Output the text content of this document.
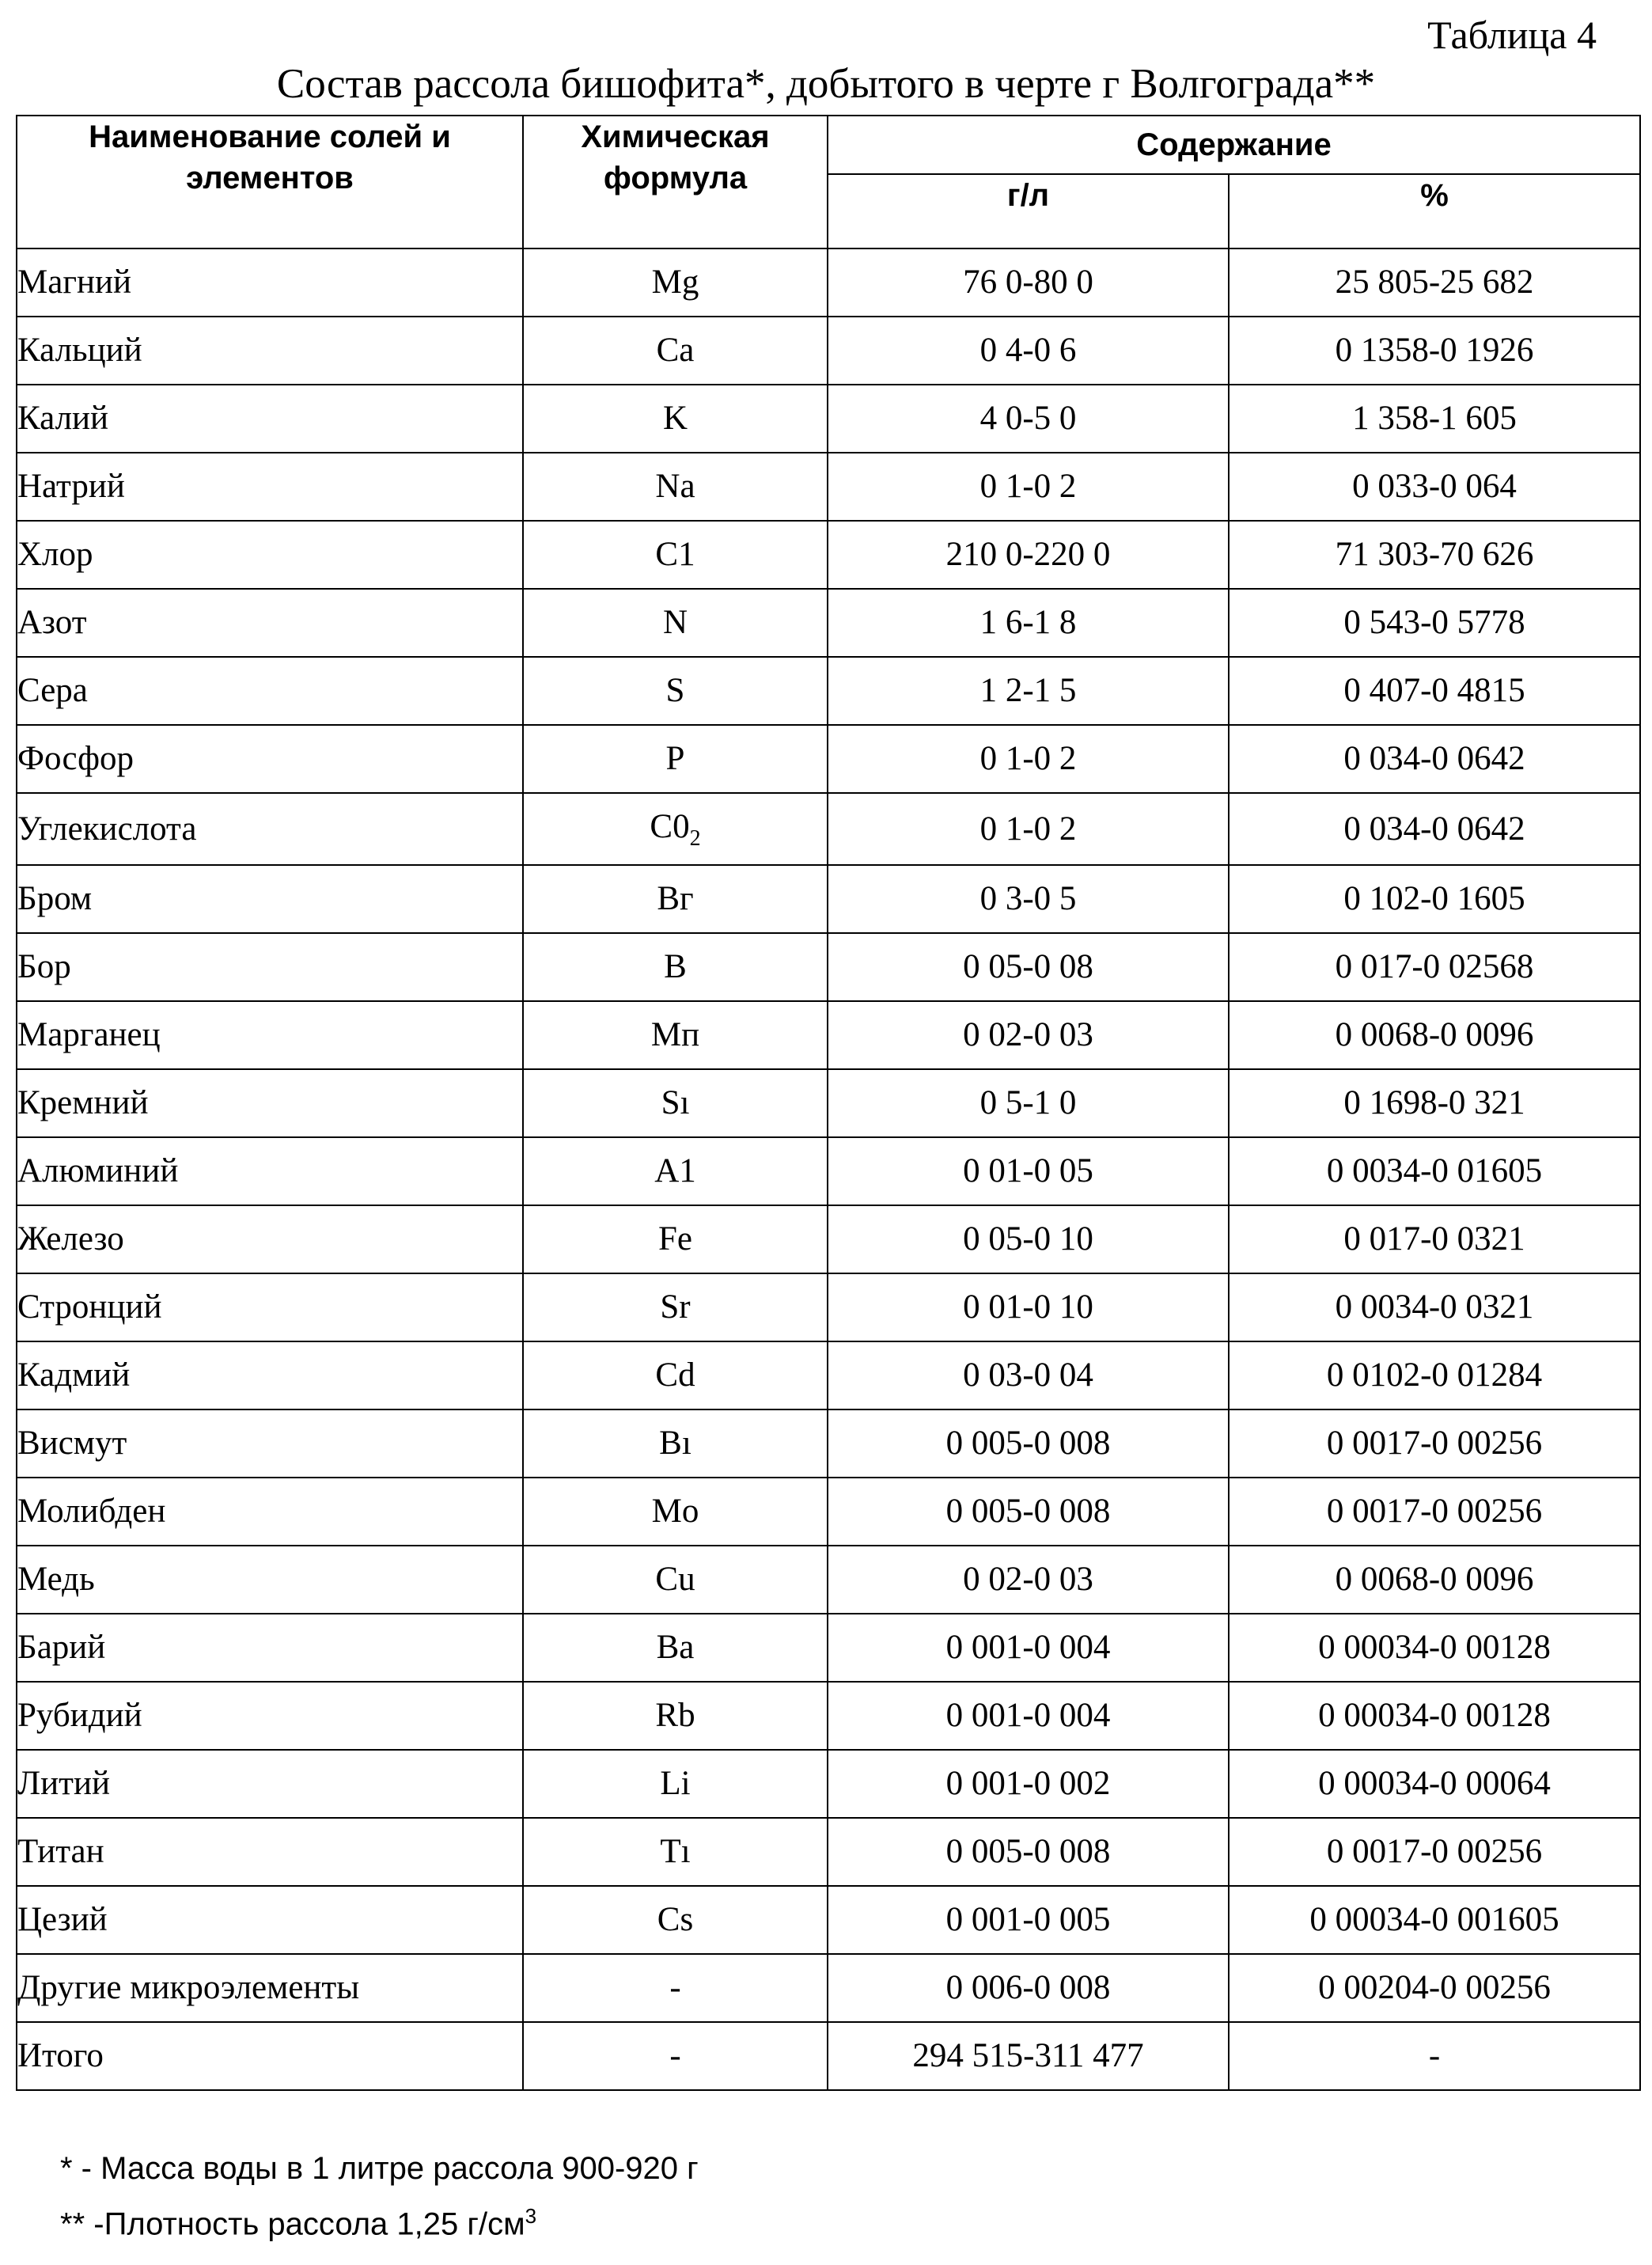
Таблица 4
Состав рассола бишофита*, добытого в черте г Волгограда**
Наименование солей и элементов	Химическая формула	Содержание
г/л	%
Магний	Mg	76 0-80 0	25 805-25 682
Кальций	Ca	0 4-0 6	0 1358-0 1926
Калий	K	4 0-5 0	1 358-1 605
Натрий	Na	0 1-0 2	0 033-0 064
Хлор	C1	210 0-220 0	71 303-70 626
Азот	N	1 6-1 8	0 543-0 5778
Сера	S	1 2-1 5	0 407-0 4815
Фосфор	P	0 1-0 2	0 034-0 0642
Углекислота	C02	0 1-0 2	0 034-0 0642
Бром	Вг	0 3-0 5	0 102-0 1605
Бор	B	0 05-0 08	0 017-0 02568
Марганец	Mп	0 02-0 03	0 0068-0 0096
Кремний	Sı	0 5-1 0	0 1698-0 321
Алюминий	A1	0 01-0 05	0 0034-0 01605
Железо	Fe	0 05-0 10	0 017-0 0321
Стронций	Sr	0 01-0 10	0 0034-0 0321
Кадмий	Cd	0 03-0 04	0 0102-0 01284
Висмут	Bı	0 005-0 008	0 0017-0 00256
Молибден	Mo	0 005-0 008	0 0017-0 00256
Медь	Cu	0 02-0 03	0 0068-0 0096
Барий	Ba	0 001-0 004	0 00034-0 00128
Рубидий	Rb	0 001-0 004	0 00034-0 00128
Литий	Li	0 001-0 002	0 00034-0 00064
Титан	Tı	0 005-0 008	0 0017-0 00256
Цезий	Cs	0 001-0 005	0 00034-0 001605
Другие микроэлементы	-	0 006-0 008	0 00204-0 00256
Итого	-	294 515-311 477	-
* - Масса воды в 1 литре рассола 900-920 г
** -Плотность рассола 1,25 г/см3
